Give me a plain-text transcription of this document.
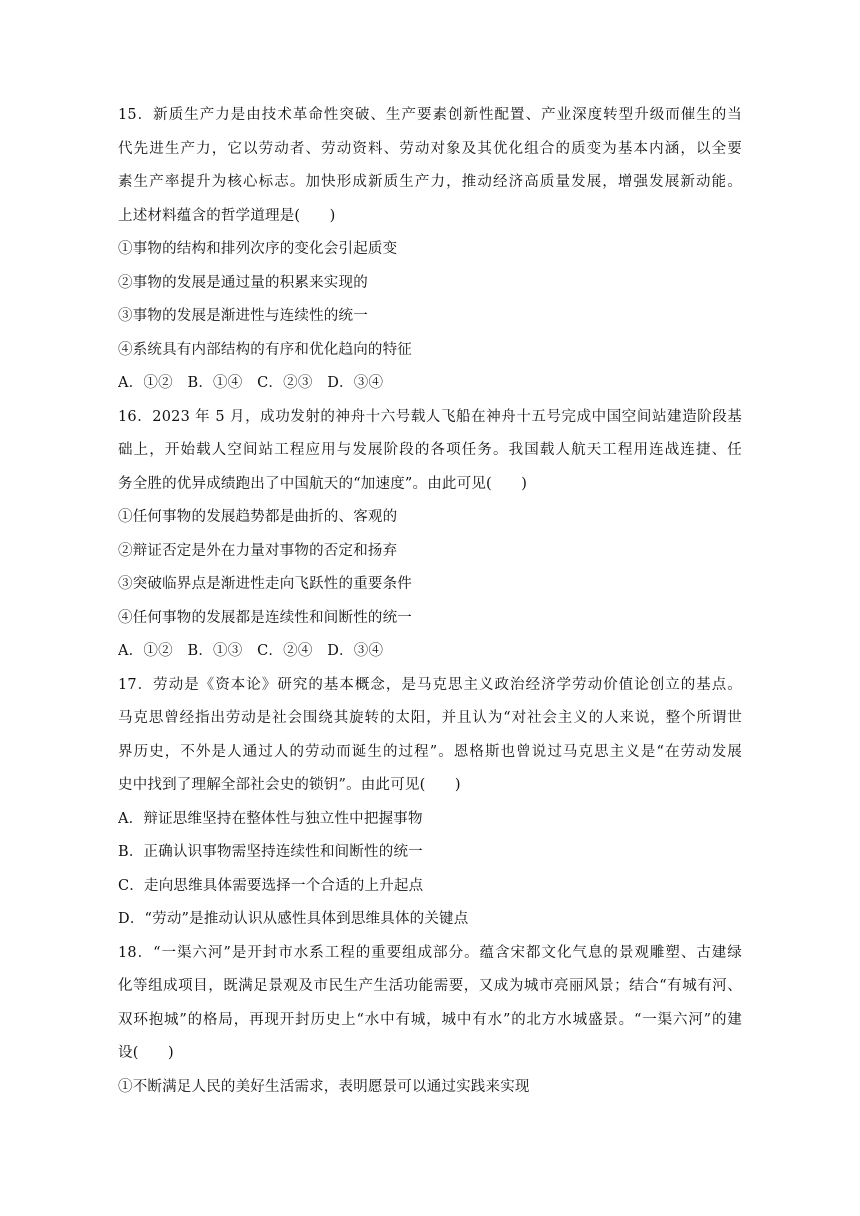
15．新质生产力是由技术革命性突破、生产要素创新性配置、产业深度转型升级而催生的当
代先进生产力，它以劳动者、劳动资料、劳动对象及其优化组合的质变为基本内涵，以全要
素生产率提升为核心标志。加快形成新质生产力，推动经济高质量发展，增强发展新动能。
上述材料蕴含的哲学道理是(　　)
①事物的结构和排列次序的变化会引起质变
②事物的发展是通过量的积累来实现的
③事物的发展是渐进性与连续性的统一
④系统具有内部结构的有序和优化趋向的特征
A．①②　B．①④　C．②③　D．③④
16．2023 年 5 月，成功发射的神舟十六号载人飞船在神舟十五号完成中国空间站建造阶段基
础上，开始载人空间站工程应用与发展阶段的各项任务。我国载人航天工程用连战连捷、任
务全胜的优异成绩跑出了中国航天的“加速度”。由此可见(　　)
①任何事物的发展趋势都是曲折的、客观的
②辩证否定是外在力量对事物的否定和扬弃
③突破临界点是渐进性走向飞跃性的重要条件
④任何事物的发展都是连续性和间断性的统一
A．①②　B．①③　C．②④　D．③④
17．劳动是《资本论》研究的基本概念，是马克思主义政治经济学劳动价值论创立的基点。
马克思曾经指出劳动是社会围绕其旋转的太阳，并且认为“对社会主义的人来说，整个所谓世
界历史，不外是人通过人的劳动而诞生的过程”。恩格斯也曾说过马克思主义是“在劳动发展
史中找到了理解全部社会史的锁钥”。由此可见(　　)
A．辩证思维坚持在整体性与独立性中把握事物
B．正确认识事物需坚持连续性和间断性的统一
C．走向思维具体需要选择一个合适的上升起点
D．“劳动”是推动认识从感性具体到思维具体的关键点
18．“一渠六河”是开封市水系工程的重要组成部分。蕴含宋都文化气息的景观雕塑、古建绿
化等组成项目，既满足景观及市民生产生活功能需要，又成为城市亮丽风景；结合“有城有河、
双环抱城”的格局，再现开封历史上“水中有城，城中有水”的北方水城盛景。“一渠六河”的建
设(　　)
①不断满足人民的美好生活需求，表明愿景可以通过实践来实现
